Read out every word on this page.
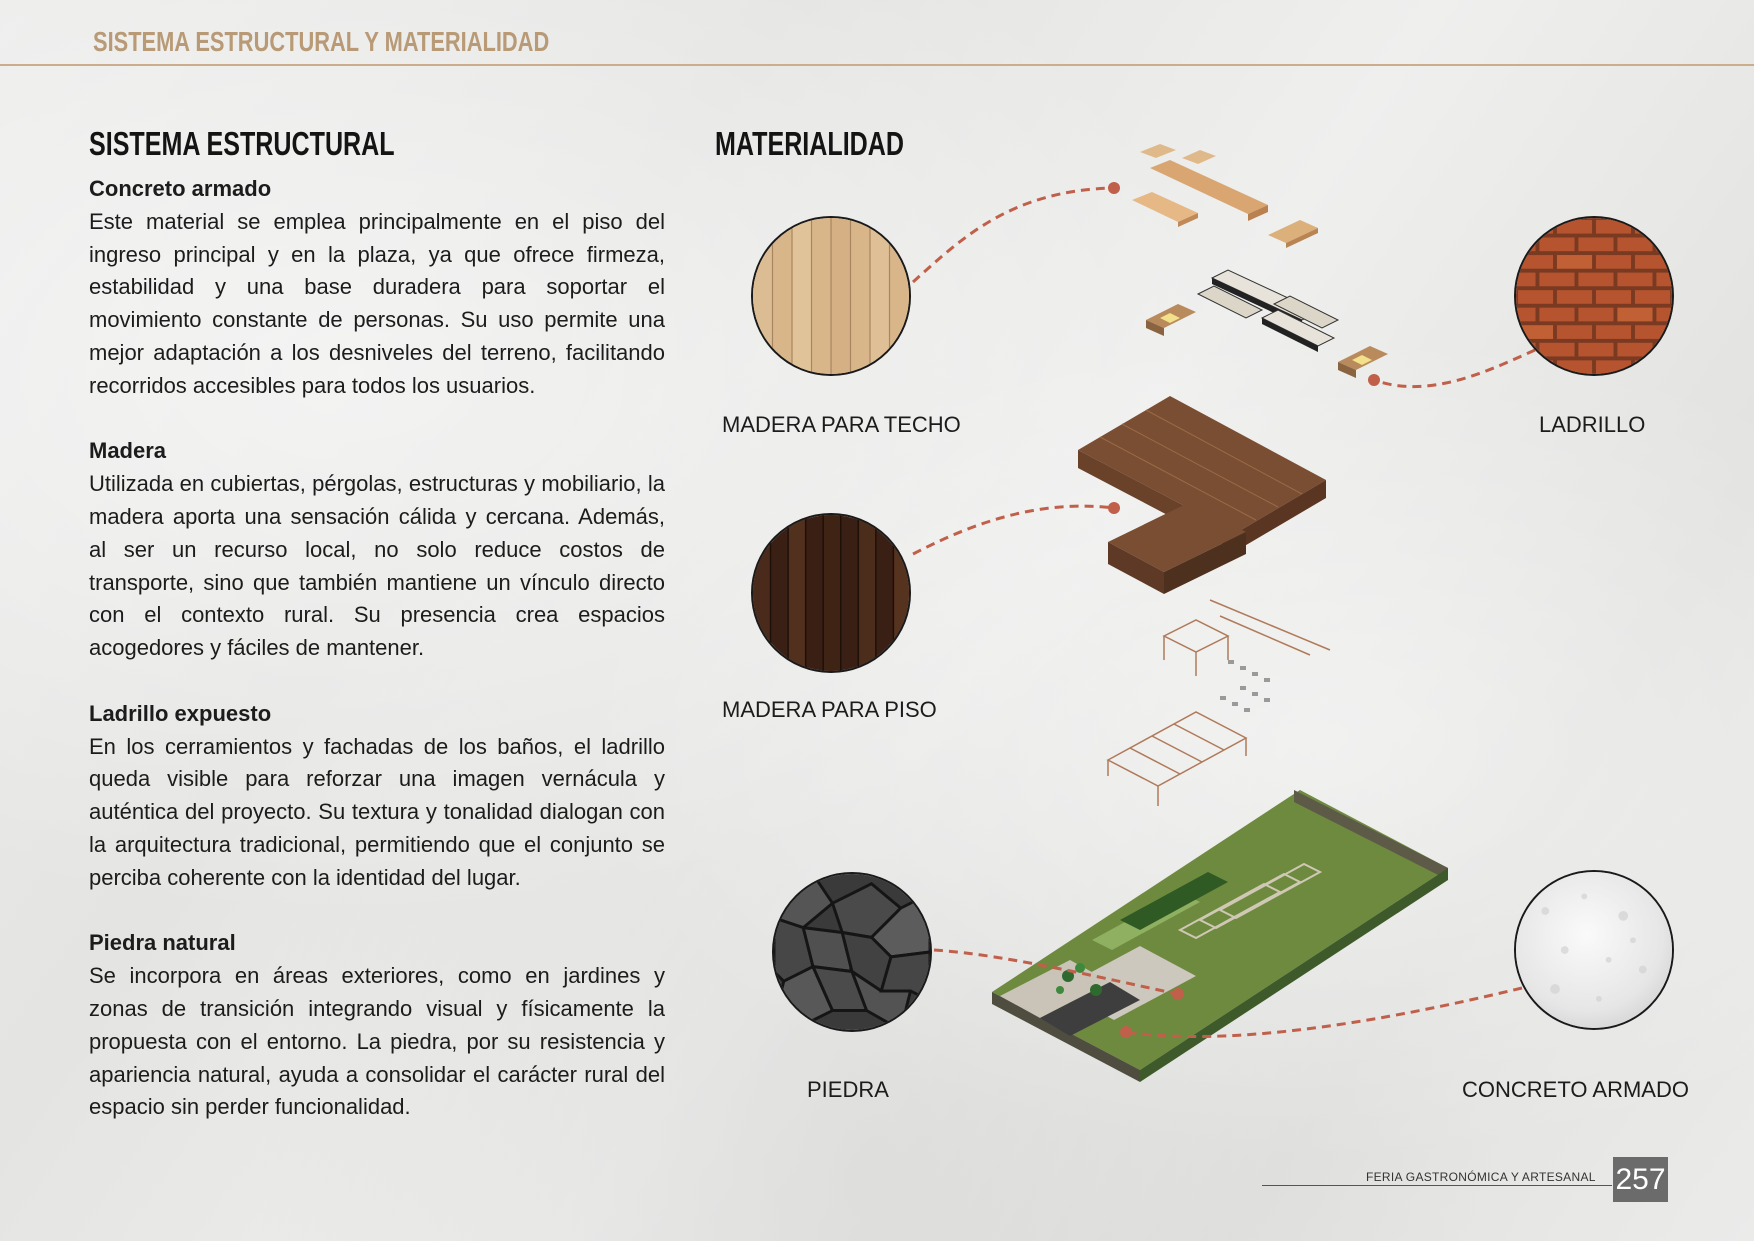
SISTEMA ESTRUCTURAL Y MATERIALIDAD
SISTEMA ESTRUCTURAL
Concreto armado
Este material se emplea principalmente en el piso del ingreso principal y en la plaza, ya que ofrece firmeza, estabilidad y una base duradera para soportar el movimiento constante de personas. Su uso permite una mejor adaptación a los desniveles del terreno, facilitando recorridos accesibles para todos los usuarios.
Madera
Utilizada en cubiertas, pérgolas, estructuras y mobiliario, la madera aporta una sensación cálida y cercana. Además, al ser un recurso local, no solo reduce costos de transporte, sino que también mantiene un vínculo directo con el contexto rural. Su presencia crea espacios acogedores y fáciles de mantener.
Ladrillo expuesto
En los cerramientos y fachadas de los baños, el ladrillo queda visible para reforzar una imagen vernácula y auténtica del proyecto. Su textura y tonalidad dialogan con la arquitectura tradicional, permitiendo que el conjunto se perciba coherente con la identidad del lugar.
Piedra natural
Se incorpora en áreas exteriores, como en jardines y zonas de transición integrando visual y físicamente la propuesta con el entorno. La piedra, por su resistencia y apariencia natural, ayuda a consolidar el carácter rural del espacio sin perder funcionalidad.
MATERIALIDAD
MADERA PARA TECHO	LADRILLO
MADERA PARA PISO
PIEDRA	CONCRETO ARMADO
FERIA GASTRONÓMICA Y ARTESANAL 257
